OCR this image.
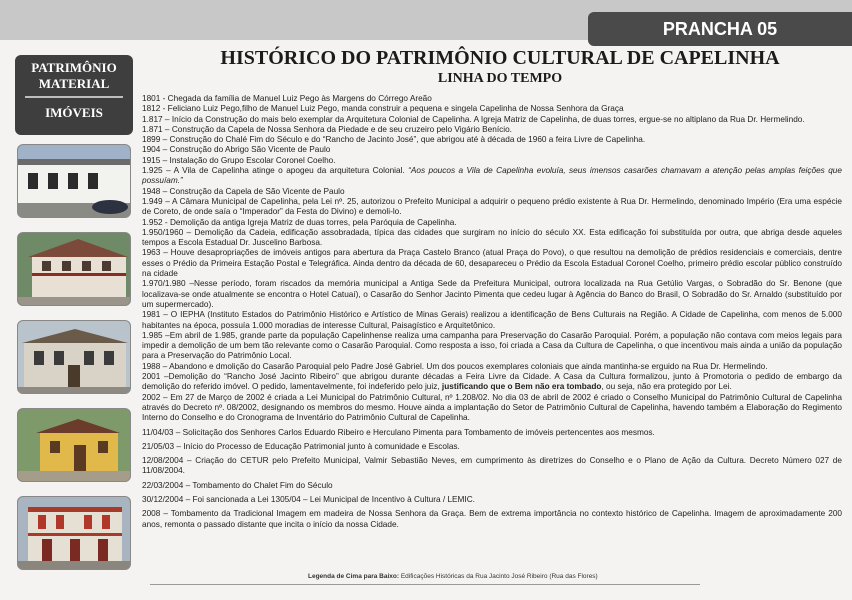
PRANCHA 05
HISTÓRICO DO PATRIMÔNIO CULTURAL DE CAPELINHA
LINHA DO TEMPO
PATRIMÔNIO
MATERIAL
IMÓVEIS

1801 - Chegada da família de Manuel Luiz Pego às Margens do Córrego Areão

1812 - Feliciano Luiz Pego,filho de Manuel Luiz Pego, manda construir a pequena e singela Capelinha de Nossa Senhora da Graça

1.817 – Início da Construção do mais belo exemplar da Arquitetura Colonial de Capelinha. A Igreja Matriz de Capelinha, de duas torres, ergue-se no altiplano da Rua Dr. Hermelindo.

1.871 – Construção da Capela de Nossa Senhora da Piedade e de seu cruzeiro pelo Vigário Benício.

1899 – Construção do Chalé Fim do Século e do “Rancho de Jacinto José”, que abrigou até à década de 1960 a feira Livre de Capelinha.

1904 – Construção do Abrigo São Vicente de Paulo

1915 – Instalação do Grupo Escolar Coronel Coelho.

1.925 – A Vila de Capelinha atinge o apogeu da arquitetura Colonial. “Aos poucos a Vila de Capelinha evoluía, seus imensos casarões chamavam a atenção pelas amplas feições que possuíam.”

1948 – Construção da Capela de São Vicente de Paulo

1.949 – A Câmara Municipal de Capelinha, pela Lei nº. 25, autorizou o Prefeito Municipal a adquirir o pequeno prédio existente à Rua Dr. Hermelindo, denominado Império (Era uma espécie de Coreto, de onde saía o “Imperador” da Festa do Divino) e demoli-lo.

1.952 - Demolição da antiga Igreja Matriz de duas torres, pela Paróquia de Capelinha.

1.950/1960 – Demolição da Cadeia, edificação assobradada, típica das cidades que surgiram no início do século XX. Esta edificação foi substituída por outra, que abriga desde aqueles tempos a Escola Estadual Dr. Juscelino Barbosa.

1963 – Houve desapropriações de imóveis antigos para abertura da Praça Castelo Branco (atual Praça do Povo), o que resultou na demolição de prédios residenciais e comerciais, dentre esses o Prédio da Primeira Estação Postal e Telegráfica. Ainda dentro da década de 60, desapareceu o Prédio da Escola Estadual Coronel Coelho, primeiro prédio escolar público construído na cidade

1.970/1.980 –Nesse período, foram riscados da memória municipal a Antiga Sede da Prefeitura Municipal, outrora localizada na Rua Getúlio Vargas, o Sobradão do Sr. Benone (que localizava-se onde atualmente se encontra o Hotel Catuaí), o Casarão do Senhor Jacinto Pimenta que cedeu lugar à Agência do Banco do Brasil, O Sobradão do Sr. Arnaldo (substituído por um supermercado).

1981 – O IEPHA (Instituto Estados do Patrimônio Histórico e Artístico de Minas Gerais) realizou a identificação de Bens Culturais na Região. A Cidade de Capelinha, com menos de 5.000 habitantes na época, possuía 1.000 moradias de interesse Cultural, Paisagístico e Arquitetônico.

1.985 –Em abril de 1.985, grande parte da população Capelinhense realiza uma campanha para Preservação do Casarão Paroquial. Porém, a população não contava com meios legais para impedir a demolição de um bem tão relevante como o Casarão Paroquial. Como resposta a isso, foi criada a Casa da Cultura de Capelinha, o que incentivou mais ainda a união da população para a Preservação do Patrimônio Local.

1988 – Abandono e dmolição do Casarão Paroquial pelo Padre José Gabriel. Um dos poucos exemplares coloniais que ainda mantinha-se erguido na Rua Dr. Hermelindo.

2001 –Demolição do “Rancho José Jacinto Ribeiro” que abrigou durante décadas a Feira Livre da Cidade. A Casa da Cultura formalizou, junto à Promotoria o pedido de embargo da demolição do referido imóvel. O pedido, lamentavelmente, foi indeferido pelo juiz, justificando que o Bem não era tombado, ou seja, não era protegido por Lei.

2002 – Em 27 de Março de 2002 é criada a Lei Municipal do Patrimônio Cultural, nº 1.208/02. No dia 03 de abril de 2002 é criado o Conselho Municipal do Patrimônio Cultural de Capelinha através do Decreto nº. 08/2002, designando os membros do mesmo. Houve ainda a implantação do Setor de Patrimônio Cultural de Capelinha, havendo também a Elaboração do Regimento Interno do Conselho e do Cronograma de Inventário do Patrimônio Cultural de Capelinha.

11/04/03 – Solicitação dos Senhores Carlos Eduardo Ribeiro e Herculano Pimenta para Tombamento de imóveis pertencentes aos mesmos.

21/05/03 – Início do Processo de Educação Patrimonial junto à comunidade e Escolas.

12/08/2004 – Criação do CETUR pelo Prefeito Municipal, Valmir Sebastião Neves, em cumprimento às diretrizes do Conselho e o Plano de Ação da Cultura. Decreto Número 027 de 11/08/2004.

22/03/2004 – Tombamento do Chalet Fim do Século

30/12/2004 – Foi sancionada a Lei 1305/04 – Lei Municipal de Incentivo à Cultura / LEMIC.

2008 – Tombamento da Tradicional Imagem em madeira de Nossa Senhora da Graça. Bem de extrema importância no contexto histórico de Capelinha. Imagem de aproximadamente 200 anos, remonta o passado distante que incita o início da nossa Cidade.

Legenda de Cima para Baixo: Edificações Históricas da Rua Jacinto José Ribeiro (Rua das Flores)
